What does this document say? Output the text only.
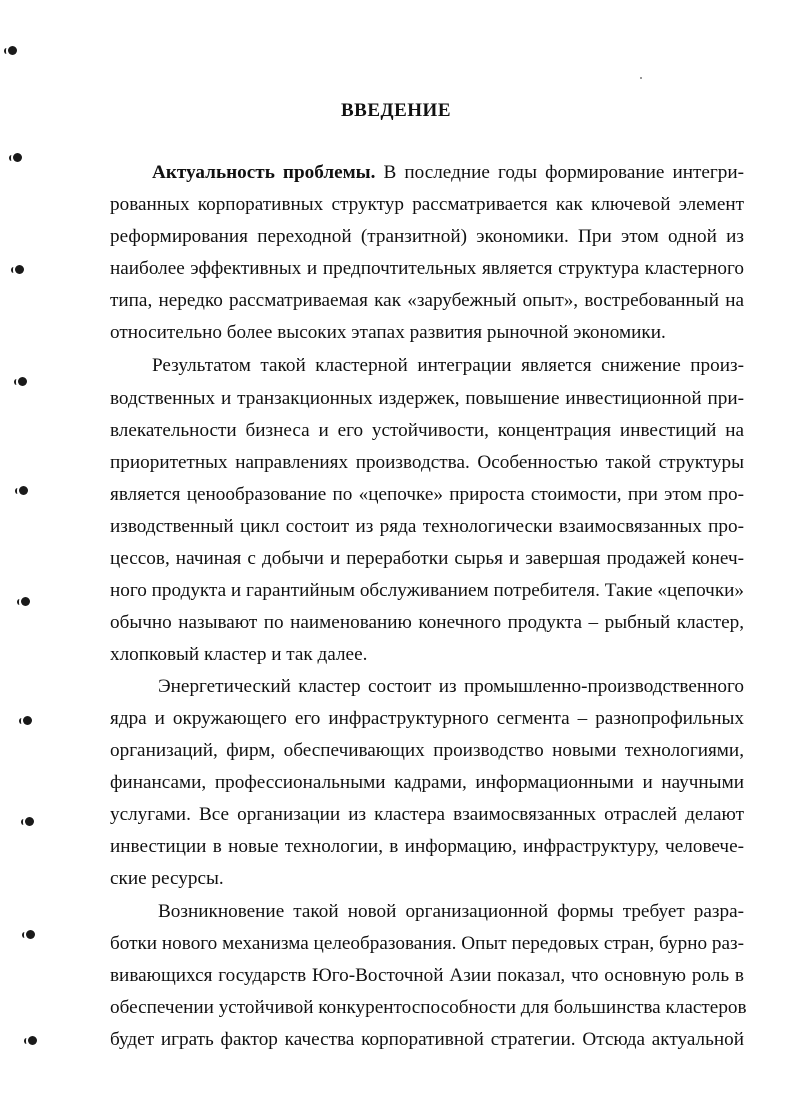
ВВЕДЕНИЕ
Актуальность проблемы. В последние годы формирование интегри-
рованных корпоративных структур рассматривается как ключевой элемент
реформирования переходной (транзитной) экономики. При этом одной из
наиболее эффективных и предпочтительных является структура кластерного
типа, нередко рассматриваемая как «зарубежный опыт», востребованный на
относительно более высоких этапах развития рыночной экономики.
Результатом такой кластерной интеграции является снижение произ-
водственных и транзакционных издержек, повышение инвестиционной при-
влекательности бизнеса и его устойчивости, концентрация инвестиций на
приоритетных направлениях производства. Особенностью такой структуры
является ценообразование по «цепочке» прироста стоимости, при этом про-
изводственный цикл состоит из ряда технологически взаимосвязанных про-
цессов, начиная с добычи и переработки сырья и завершая продажей конеч-
ного продукта и гарантийным обслуживанием потребителя. Такие «цепочки»
обычно называют по наименованию конечного продукта – рыбный кластер,
хлопковый кластер и так далее.
Энергетический кластер состоит из промышленно-производственного
ядра и окружающего его инфраструктурного сегмента – разнопрофильных
организаций, фирм, обеспечивающих производство новыми технологиями,
финансами, профессиональными кадрами, информационными и научными
услугами. Все организации из кластера взаимосвязанных отраслей делают
инвестиции в новые технологии, в информацию, инфраструктуру, человече-
ские ресурсы.
Возникновение такой новой организационной формы требует разра-
ботки нового механизма целеобразования. Опыт передовых стран, бурно раз-
вивающихся государств Юго-Восточной Азии показал, что основную роль в
обеспечении устойчивой конкурентоспособности для большинства кластеров
будет играть фактор качества корпоративной стратегии. Отсюда актуальной
